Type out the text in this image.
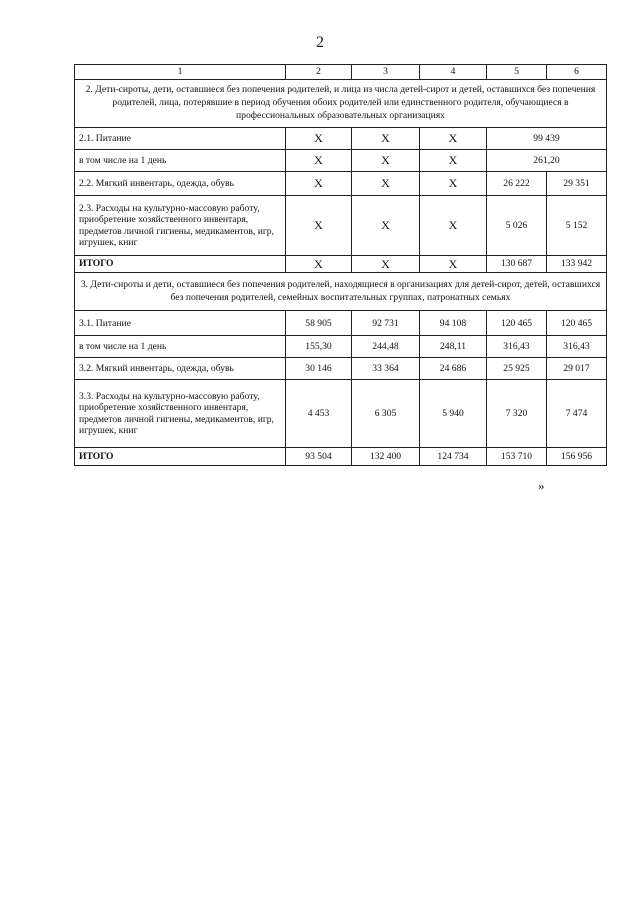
2
1	2	3	4	5	6
2. Дети-сироты, дети, оставшиеся без попечения родителей, и лица из числа детей-сирот и детей, оставшихся без попечения родителей, лица, потерявшие в период обучения обоих родителей или единственного родителя, обучающиеся в профессиональных образовательных организациях					
2.1. Питание	Х	Х	Х	99 439	
в том числе на 1 день	Х	Х	Х	261,20	
2.2. Мягкий инвентарь, одежда, обувь	Х	Х	Х	26 222	29 351
2.3. Расходы на культурно-массовую работу, приобретение хозяйственного инвентаря, предметов личной гигиены, медикаментов, игр, игрушек, книг	Х	Х	Х	5 026	5 152
ИТОГО	Х	Х	Х	130 687	133 942
3. Дети-сироты и дети, оставшиеся без попечения родителей, находящиеся в организациях для детей-сирот, детей, оставшихся без попечения родителей, семейных воспитательных группах, патронатных семьях					
3.1. Питание	58 905	92 731	94 108	120 465	120 465
в том числе на 1 день	155,30	244,48	248,11	316,43	316,43
3.2. Мягкий инвентарь, одежда, обувь	30 146	33 364	24 686	25 925	29 017
3.3. Расходы на культурно-массовую работу, приобретение хозяйственного инвентаря, предметов личной гигиены, медикаментов, игр, игрушек, книг	4 453	6 305	5 940	7 320	7 474
ИТОГО	93 504	132 400	124 734	153 710	156 956
»
